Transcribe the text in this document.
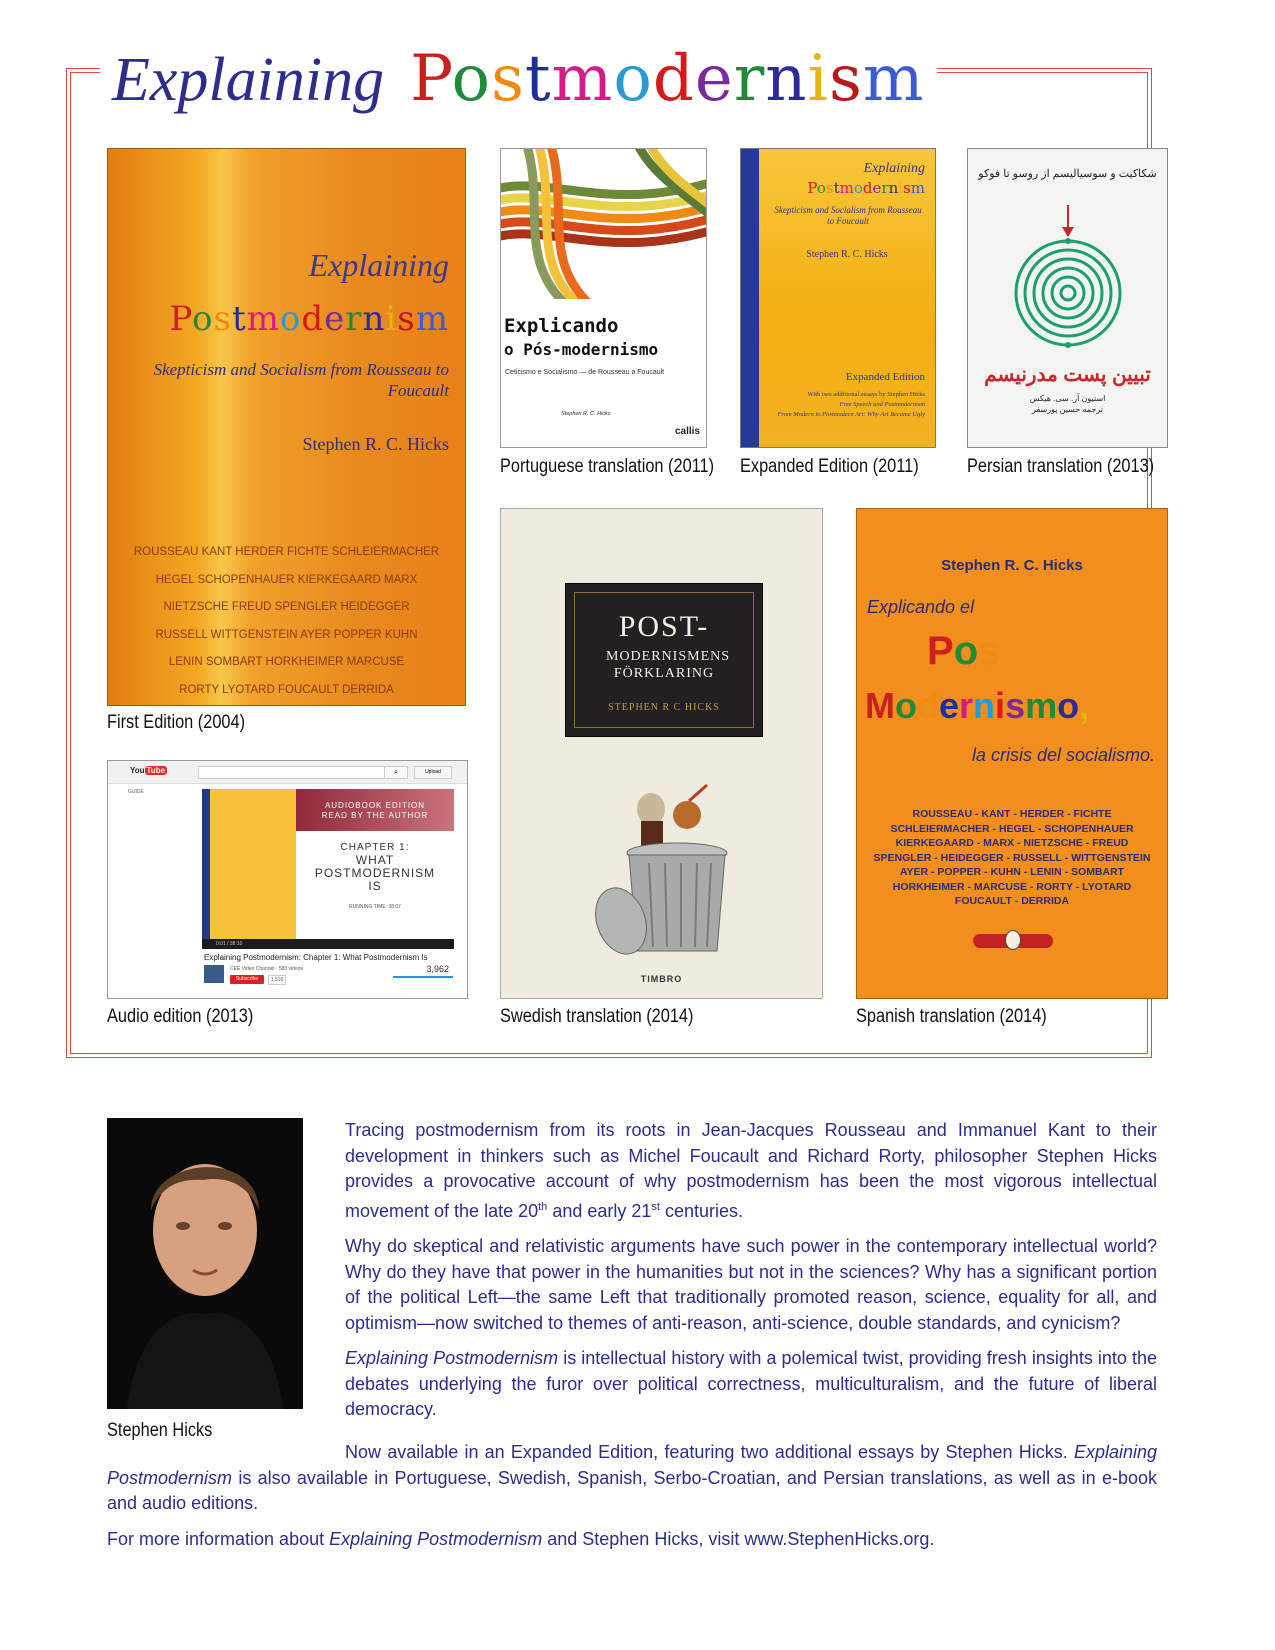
Explaining Postmodernism
Explaining
Postmodernism
Skepticism and Socialism from Rousseau to Foucault
Stephen R. C. Hicks
ROUSSEAU KANT HERDER FICHTE SCHLEIERMACHER
HEGEL SCHOPENHAUER KIERKEGAARD MARX
NIETZSCHE FREUD SPENGLER HEIDEGGER
RUSSELL WITTGENSTEIN AYER POPPER KUHN
LENIN SOMBART HORKHEIMER MARCUSE
RORTY LYOTARD FOUCAULT DERRIDA
First Edition (2004)
Explicando
o Pós-modernismo
Ceticismo e Socialismo — de Rousseau a Foucault
Stephen R. C. Hicks
callis
Portuguese translation (2011)
Explaining
Postmodernism
Skepticism and Socialism from Rousseau to Foucault
Stephen R. C. Hicks
Expanded Edition
With two additional essays by Stephen Hicks
Free Speech and Postmodernism
From Modern to Postmodern Art: Why Art Became Ugly
Expanded Edition (2011)
شکاکیت و سوسیالیسم از روسو تا فوکو
تبیین پست مدرنیسم
استیون آر. سی. هیکس
ترجمه حسین پورسفر
Persian translation (2013)
You Tube	⌕	Upload
GUIDE
AUDIOBOOK EDITION
READ BY THE AUTHOR
CHAPTER 1:
WHAT
POSTMODERNISM
IS
RUNNING TIME: 38:07
0:01 / 38:10
Explaining Postmodernism: Chapter 1: What Postmodernism Is
CEE Video Channel · 583 videos
Subscribe	1,516
3,962
Audio edition (2013)
POST-
MODERNISMENS FÖRKLARING
STEPHEN R C HICKS
TIMBRO
Swedish translation (2014)
Stephen R. C. Hicks
Explicando el
Pos
Modernismo,
la crisis del socialismo.
ROUSSEAU - KANT - HERDER - FICHTE
SCHLEIERMACHER - HEGEL - SCHOPENHAUER
KIERKEGAARD - MARX - NIETZSCHE - FREUD
SPENGLER - HEIDEGGER - RUSSELL - WITTGENSTEIN
AYER - POPPER - KUHN - LENIN - SOMBART
HORKHEIMER - MARCUSE - RORTY - LYOTARD
FOUCAULT - DERRIDA
Spanish translation (2014)
Stephen Hicks

Tracing postmodernism from its roots in Jean-Jacques Rousseau and Immanuel Kant to their development in thinkers such as Michel Foucault and Richard Rorty, philosopher Stephen Hicks provides a provocative account of why postmodernism has been the most vigorous intellectual movement of the late 20th and early 21st centuries.

Why do skeptical and relativistic arguments have such power in the contemporary intellectual world? Why do they have that power in the humanities but not in the sciences? Why has a significant portion of the political Left—the same Left that traditionally promoted reason, science, equality for all, and optimism—now switched to themes of anti-reason, anti-science, double standards, and cynicism?

Explaining Postmodernism is intellectual history with a polemical twist, providing fresh insights into the debates underlying the furor over political correctness, multiculturalism, and the future of liberal democracy.

Now available in an Expanded Edition, featuring two additional essays by Stephen Hicks. Explaining Postmodernism is also available in Portuguese, Swedish, Spanish, Serbo-Croatian, and Persian translations, as well as in e-book and audio editions.

For more information about Explaining Postmodernism and Stephen Hicks, visit www.StephenHicks.org.
